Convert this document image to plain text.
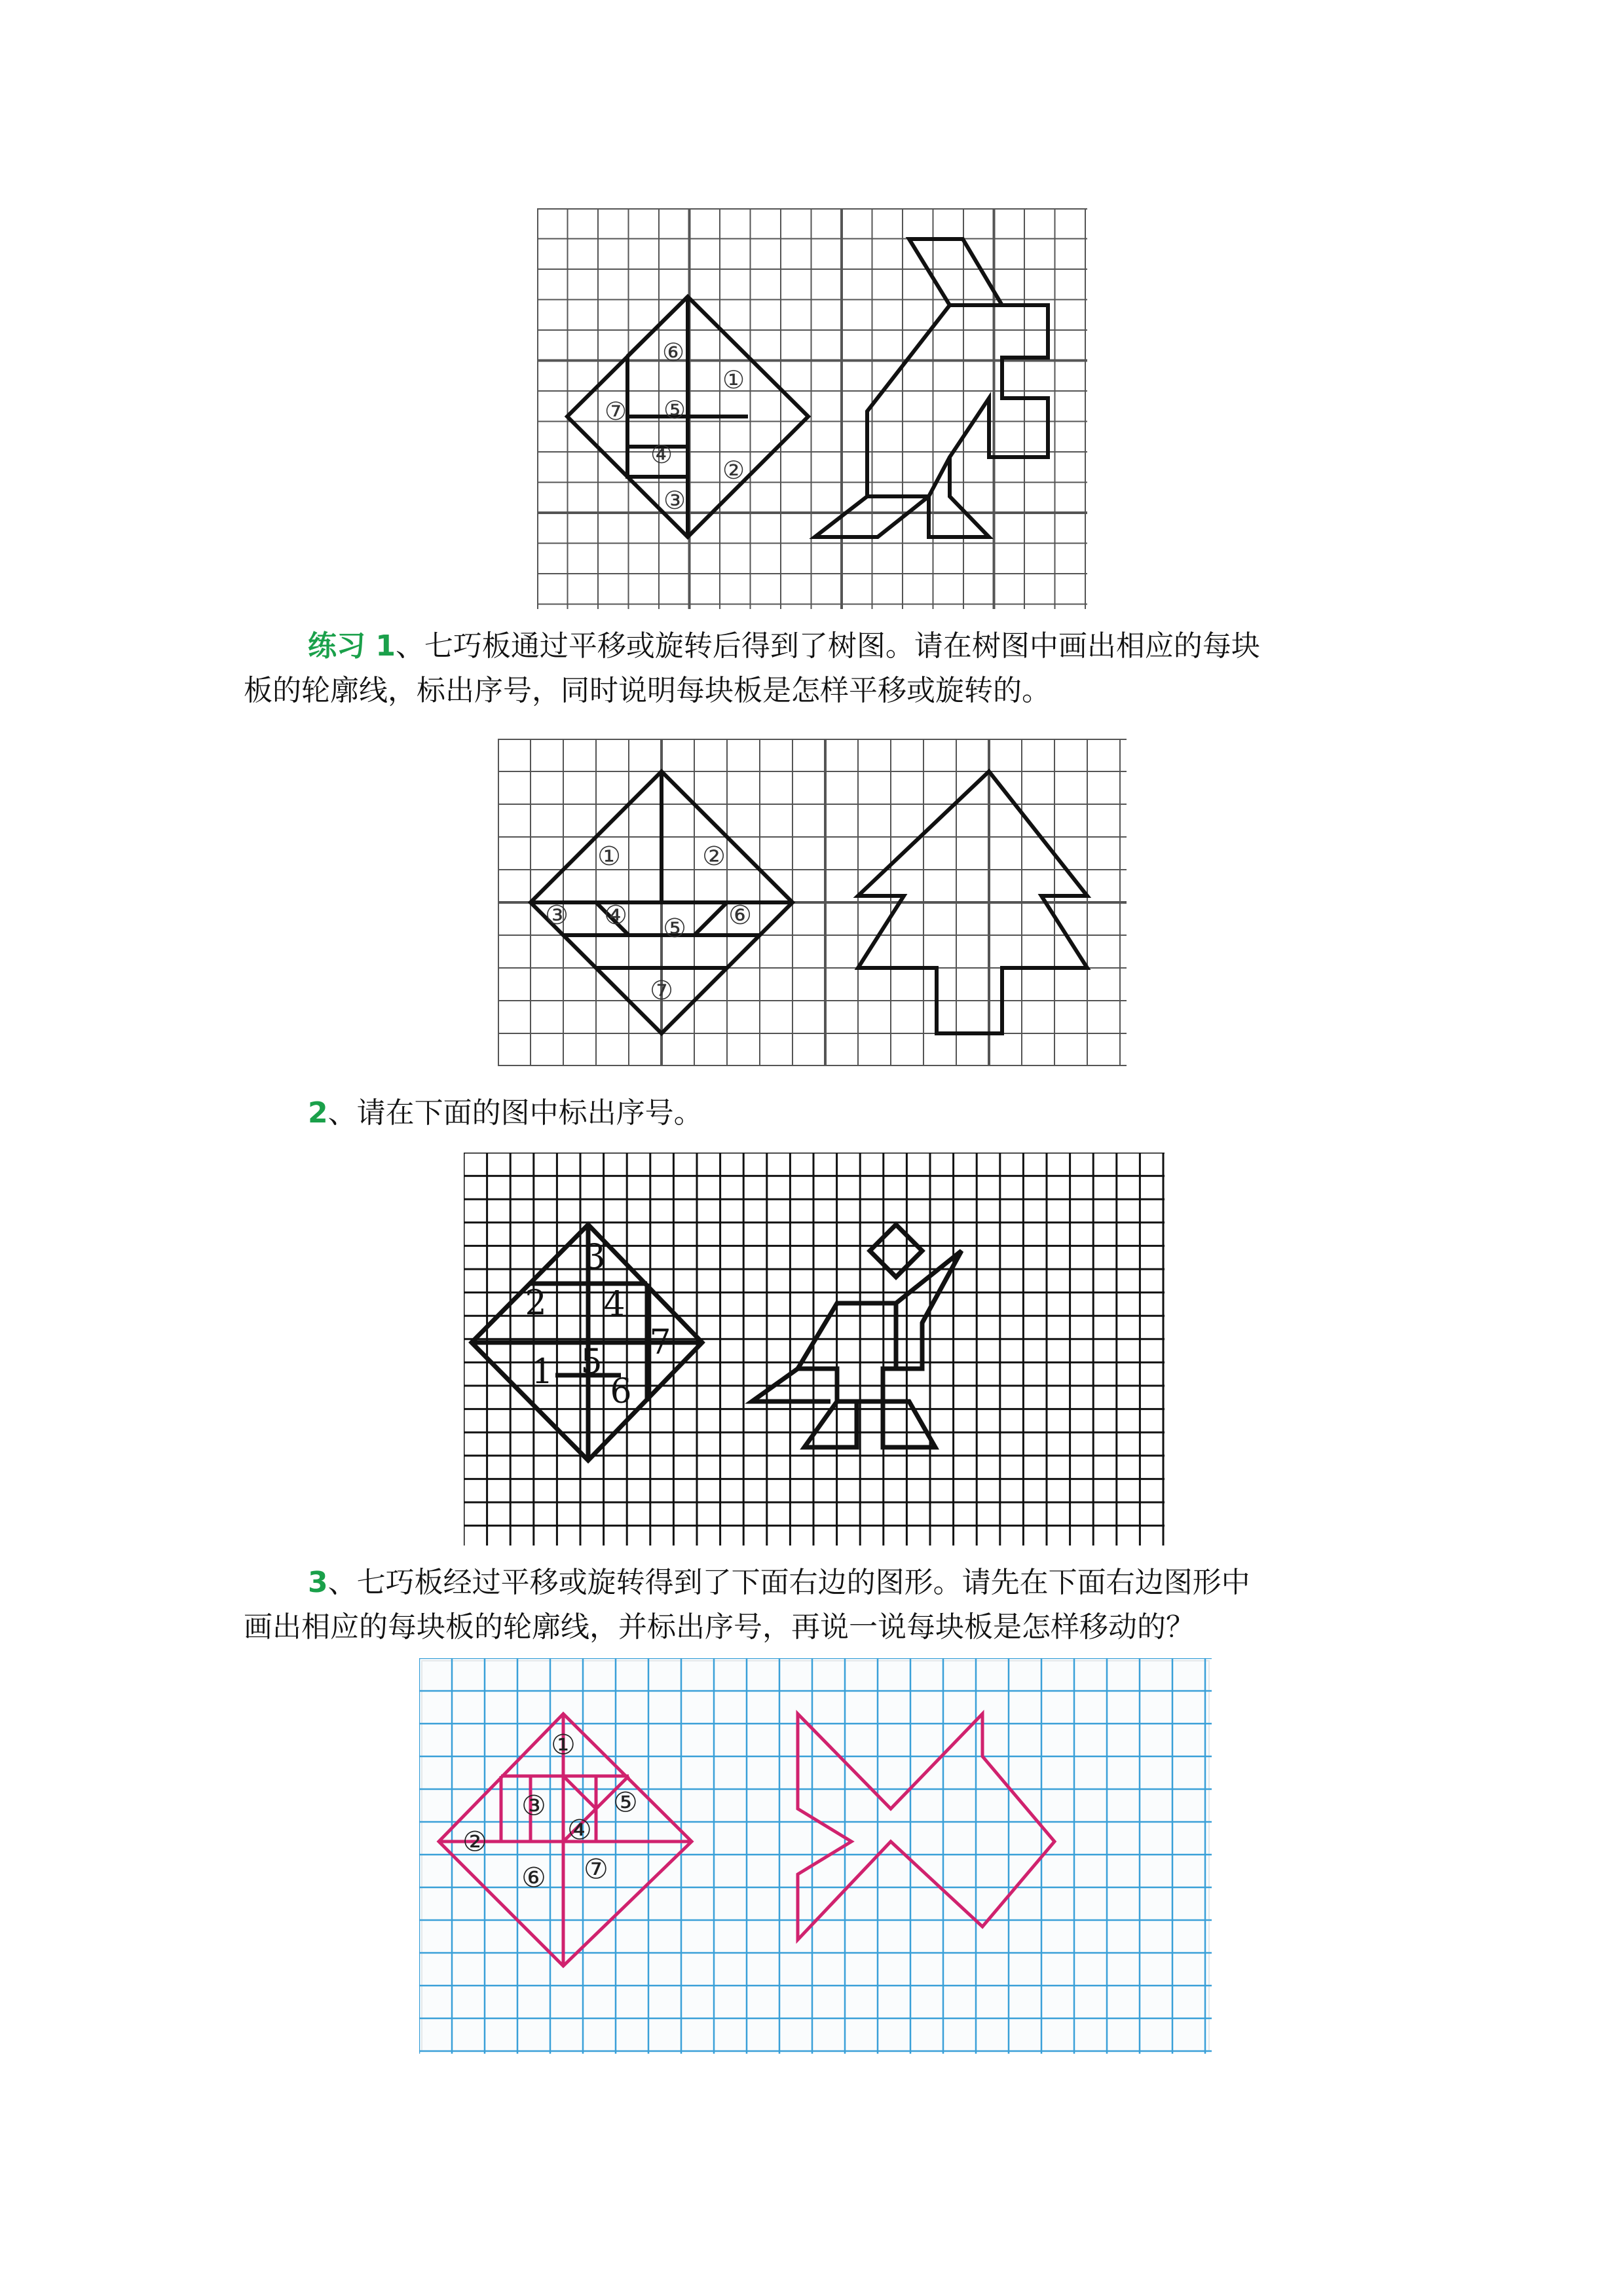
⑥
①
⑦ ⑤
④
②
③

练习 1、七巧板通过平移或旋转后得到了树图。请在树图中画出相应的每块

板的轮廓线，标出序号，同时说明每块板是怎样平移或旋转的。

①	②
③ ④ ⑤ ⑥
⑦

2、请在下面的图中标出序号。

3
2 4
7
1 5
6

3、七巧板经过平移或旋转得到了下面右边的图形。请先在下面右边图形中

画出相应的每块板的轮廓线，并标出序号，再说一说每块板是怎样移动的？

①
②
③
④
⑤
⑥ ⑦
